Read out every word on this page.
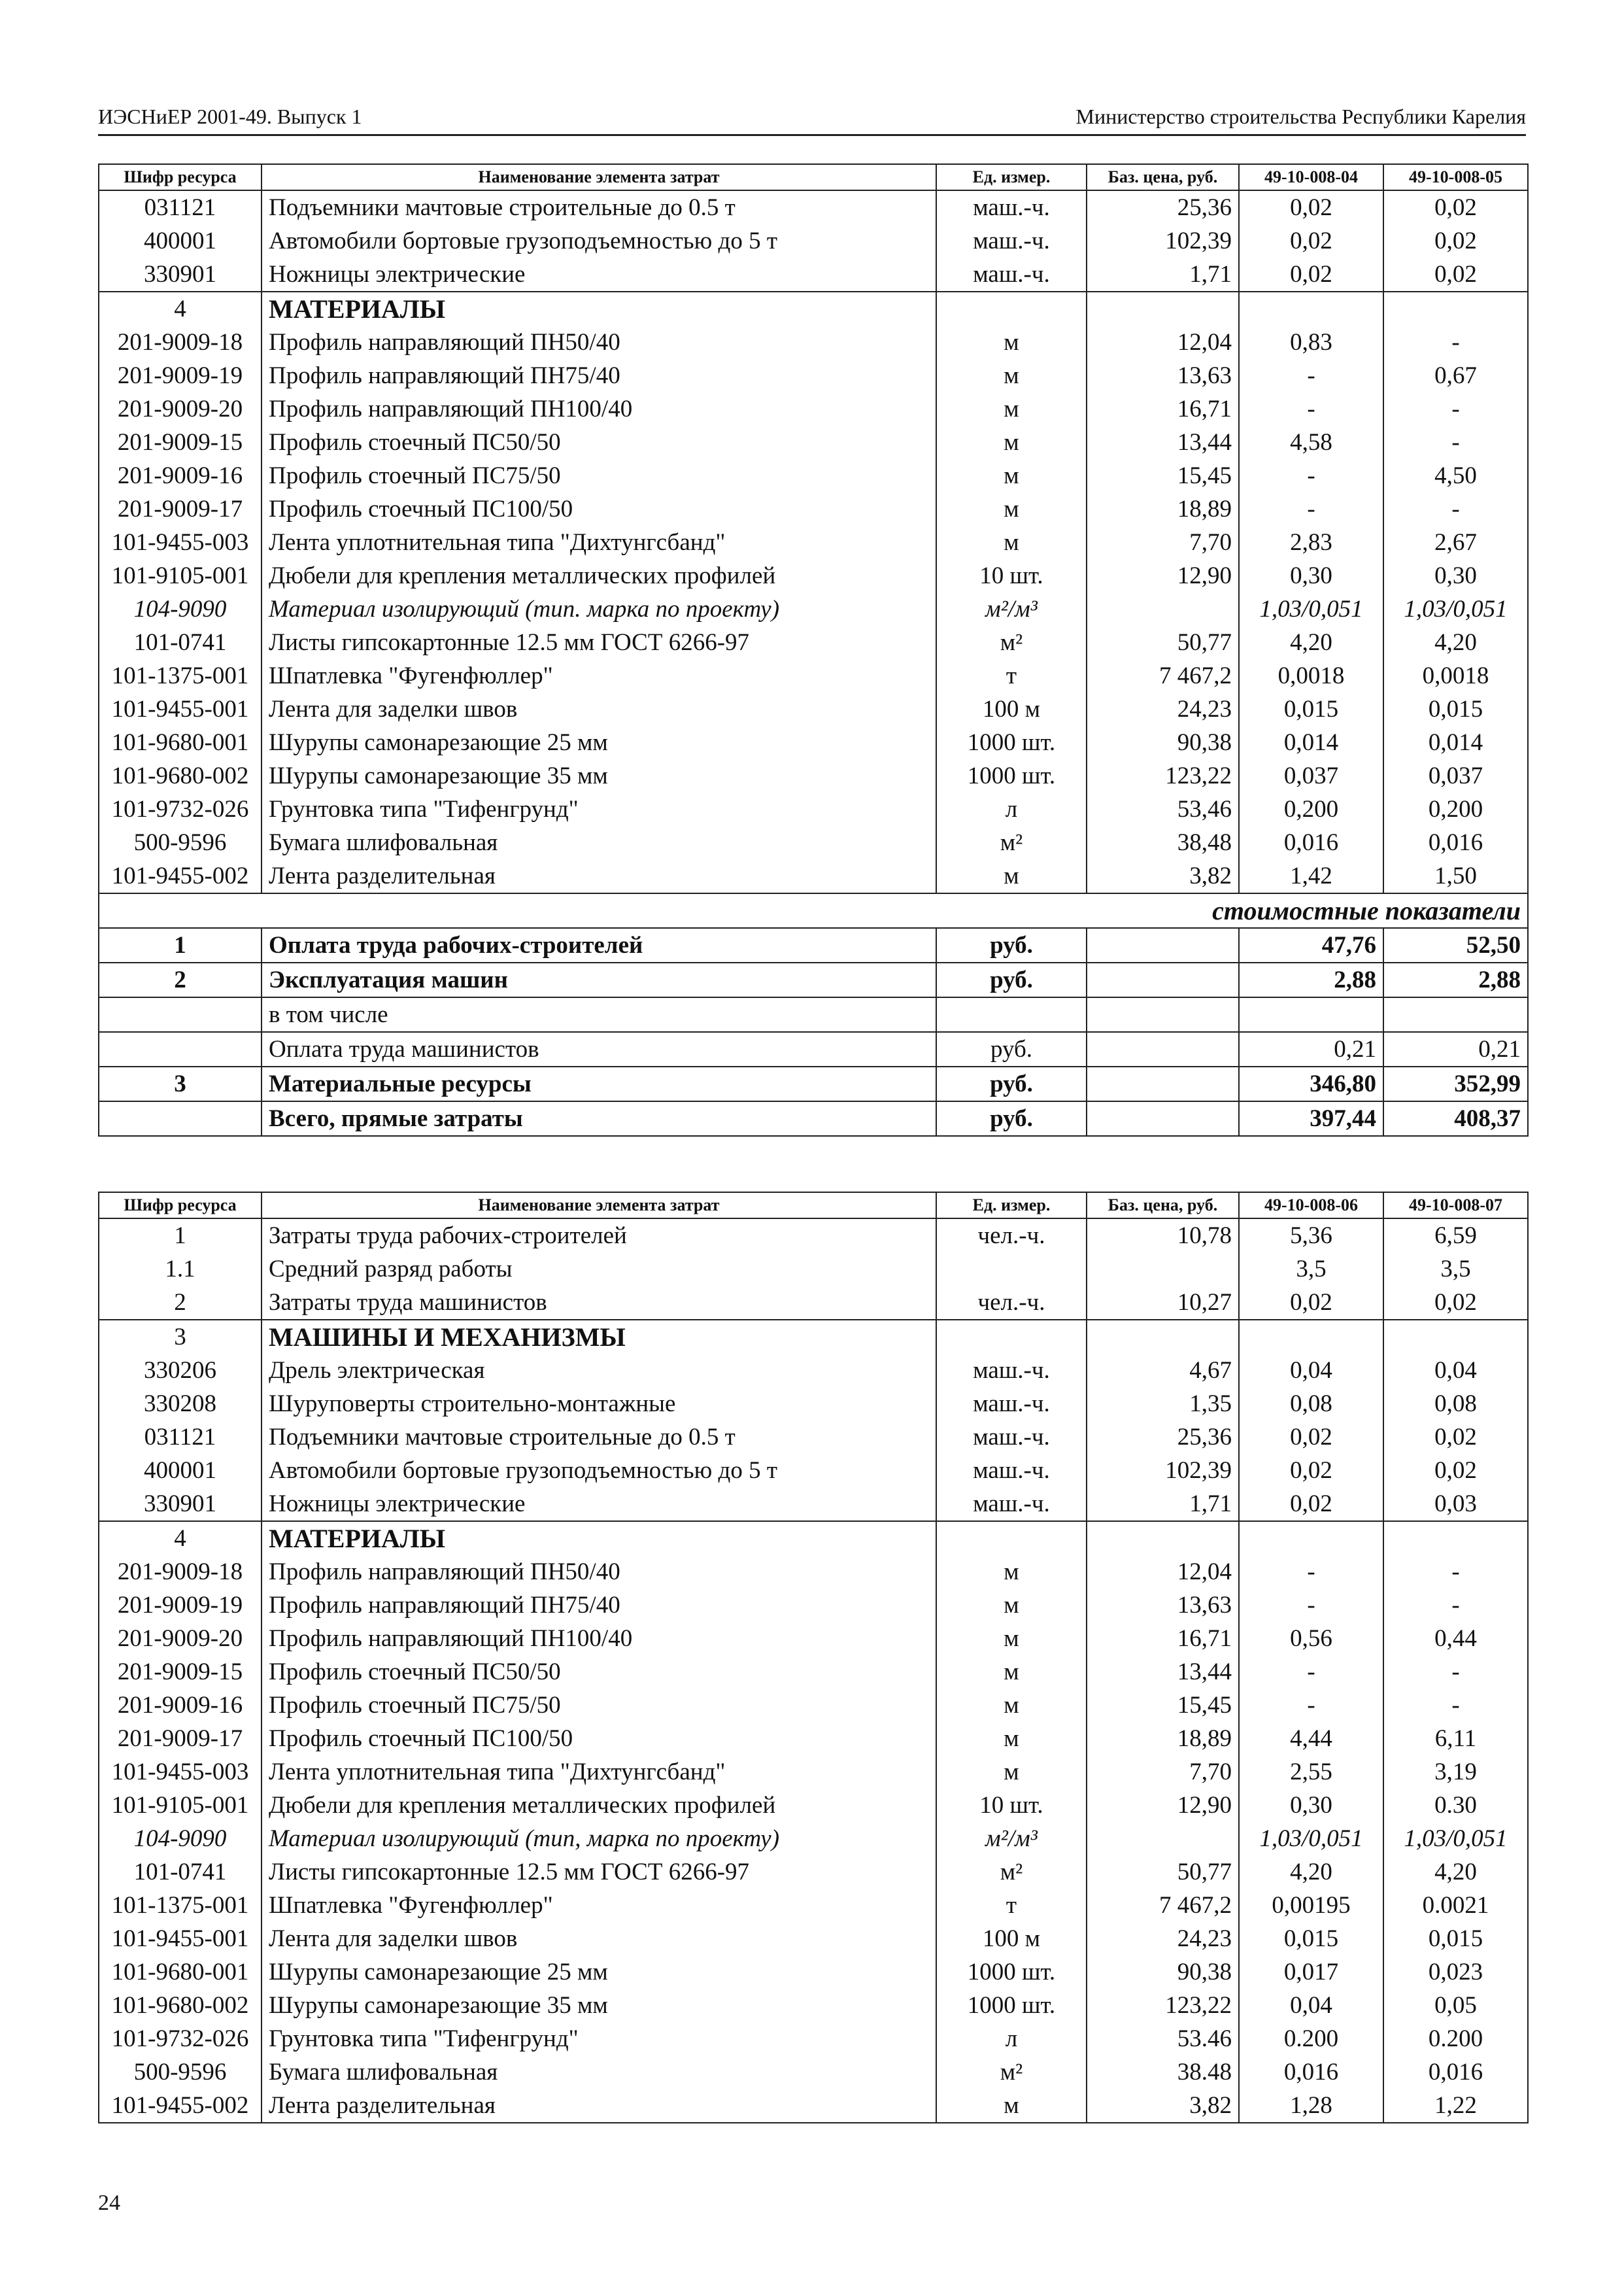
ИЭСНиЕР 2001-49. Выпуск 1	Министерство строительства Республики Карелия
Шифр ресурса	Наименование элемента затрат	Ед. измер.	Баз. цена, руб.	49-10-008-04	49-10-008-05
031121	Подъемники мачтовые строительные до 0.5 т	маш.-ч.	25,36	0,02	0,02
400001	Автомобили бортовые грузоподъемностью до 5 т	маш.-ч.	102,39	0,02	0,02
330901	Ножницы электрические	маш.-ч.	1,71	0,02	0,02
4	МАТЕРИАЛЫ				
201-9009-18	Профиль направляющий ПН50/40	м	12,04	0,83	-
201-9009-19	Профиль направляющий ПН75/40	м	13,63	-	0,67
201-9009-20	Профиль направляющий ПН100/40	м	16,71	-	-
201-9009-15	Профиль стоечный ПС50/50	м	13,44	4,58	-
201-9009-16	Профиль стоечный ПС75/50	м	15,45	-	4,50
201-9009-17	Профиль стоечный ПС100/50	м	18,89	-	-
101-9455-003	Лента уплотнительная типа "Дихтунгсбанд"	м	7,70	2,83	2,67
101-9105-001	Дюбели для крепления металлических профилей	10 шт.	12,90	0,30	0,30
104-9090	Материал изолирующий (тип. марка по проекту)	м²/м³		1,03/0,051	1,03/0,051
101-0741	Листы гипсокартонные 12.5 мм ГОСТ 6266-97	м²	50,77	4,20	4,20
101-1375-001	Шпатлевка "Фугенфюллер"	т	7 467,2	0,0018	0,0018
101-9455-001	Лента для заделки швов	100 м	24,23	0,015	0,015
101-9680-001	Шурупы самонарезающие 25 мм	1000 шт.	90,38	0,014	0,014
101-9680-002	Шурупы самонарезающие 35 мм	1000 шт.	123,22	0,037	0,037
101-9732-026	Грунтовка типа "Тифенгрунд"	л	53,46	0,200	0,200
500-9596	Бумага шлифовальная	м²	38,48	0,016	0,016
101-9455-002	Лента разделительная	м	3,82	1,42	1,50
стоимостные показатели					
1	Оплата труда рабочих-строителей	руб.		47,76	52,50
2	Эксплуатация машин	руб.		2,88	2,88
	в том числе				
	Оплата труда машинистов	руб.		0,21	0,21
3	Материальные ресурсы	руб.		346,80	352,99
	Всего, прямые затраты	руб.		397,44	408,37
Шифр ресурса	Наименование элемента затрат	Ед. измер.	Баз. цена, руб.	49-10-008-06	49-10-008-07
1	Затраты труда рабочих-строителей	чел.-ч.	10,78	5,36	6,59
1.1	Средний разряд работы			3,5	3,5
2	Затраты труда машинистов	чел.-ч.	10,27	0,02	0,02
3	МАШИНЫ И МЕХАНИЗМЫ				
330206	Дрель электрическая	маш.-ч.	4,67	0,04	0,04
330208	Шуруповерты строительно-монтажные	маш.-ч.	1,35	0,08	0,08
031121	Подъемники мачтовые строительные до 0.5 т	маш.-ч.	25,36	0,02	0,02
400001	Автомобили бортовые грузоподъемностью до 5 т	маш.-ч.	102,39	0,02	0,02
330901	Ножницы электрические	маш.-ч.	1,71	0,02	0,03
4	МАТЕРИАЛЫ				
201-9009-18	Профиль направляющий ПН50/40	м	12,04	-	-
201-9009-19	Профиль направляющий ПН75/40	м	13,63	-	-
201-9009-20	Профиль направляющий ПН100/40	м	16,71	0,56	0,44
201-9009-15	Профиль стоечный ПС50/50	м	13,44	-	-
201-9009-16	Профиль стоечный ПС75/50	м	15,45	-	-
201-9009-17	Профиль стоечный ПС100/50	м	18,89	4,44	6,11
101-9455-003	Лента уплотнительная типа "Дихтунгсбанд"	м	7,70	2,55	3,19
101-9105-001	Дюбели для крепления металлических профилей	10 шт.	12,90	0,30	0.30
104-9090	Материал изолирующий (тип, марка по проекту)	м²/м³		1,03/0,051	1,03/0,051
101-0741	Листы гипсокартонные 12.5 мм ГОСТ 6266-97	м²	50,77	4,20	4,20
101-1375-001	Шпатлевка "Фугенфюллер"	т	7 467,2	0,00195	0.0021
101-9455-001	Лента для заделки швов	100 м	24,23	0,015	0,015
101-9680-001	Шурупы самонарезающие 25 мм	1000 шт.	90,38	0,017	0,023
101-9680-002	Шурупы самонарезающие 35 мм	1000 шт.	123,22	0,04	0,05
101-9732-026	Грунтовка типа "Тифенгрунд"	л	53.46	0.200	0.200
500-9596	Бумага шлифовальная	м²	38.48	0,016	0,016
101-9455-002	Лента разделительная	м	3,82	1,28	1,22
24
